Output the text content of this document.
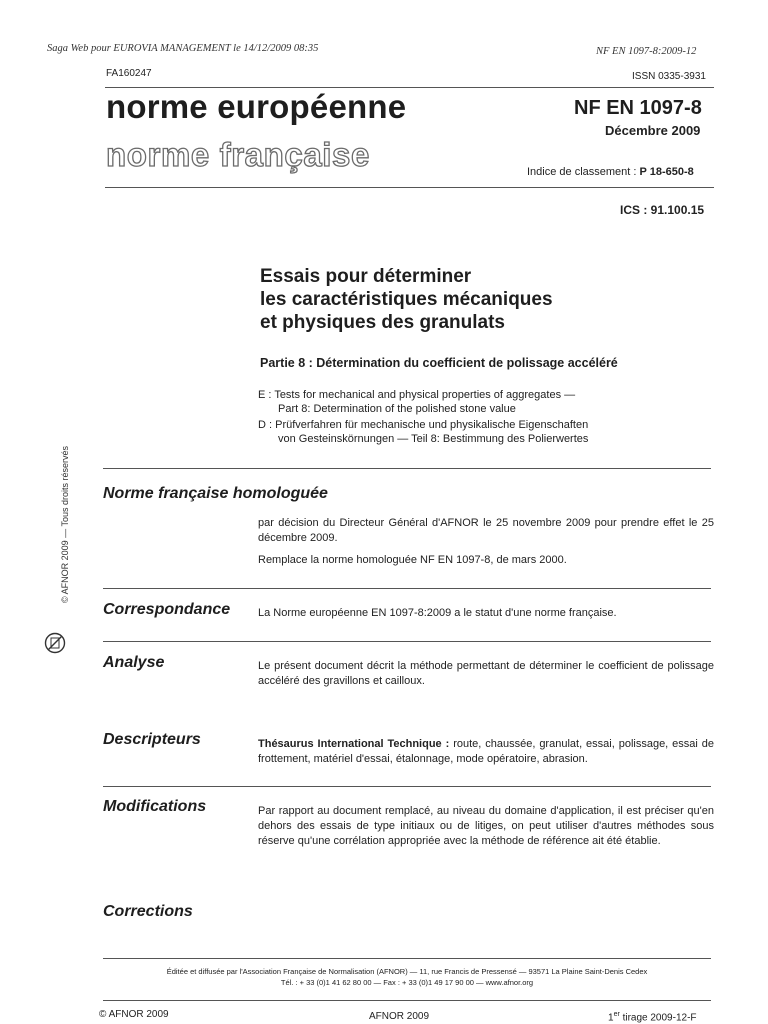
Saga Web pour EUROVIA MANAGEMENT le 14/12/2009 08:35	NF EN 1097-8:2009-12
FA160247	ISSN 0335-3931
norme européenne
norme française
NF EN 1097-8
Décembre 2009
Indice de classement : P 18-650-8
ICS : 91.100.15
Essais pour déterminer
les caractéristiques mécaniques
et physiques des granulats
Partie 8 : Détermination du coefficient de polissage accéléré
E : Tests for mechanical and physical properties of aggregates —
Part 8: Determination of the polished stone value
D : Prüfverfahren für mechanische und physikalische Eigenschaften
von Gesteinskörnungen — Teil 8: Bestimmung des Polierwertes
© AFNOR 2009 — Tous droits réservés Norme française homologuée

par décision du Directeur Général d'AFNOR le 25 novembre 2009 pour prendre effet le 25 décembre 2009.

Remplace la norme homologuée NF EN 1097-8, de mars 2000.

Correspondance	La Norme européenne EN 1097-8:2009 a le statut d'une norme française.
Analyse	Le présent document décrit la méthode permettant de déterminer le coefficient de polissage accéléré des gravillons et cailloux.
Descripteurs	Thésaurus International Technique : route, chaussée, granulat, essai, polissage, essai de frottement, matériel d'essai, étalonnage, mode opératoire, abrasion.
Modifications	Par rapport au document remplacé, au niveau du domaine d'application, il est préciser qu'en dehors des essais de type initiaux ou de litiges, on peut utiliser d'autres méthodes sous réserve qu'une corrélation appropriée avec la méthode de référence ait été établie.
Corrections
Éditée et diffusée par l'Association Française de Normalisation (AFNOR) — 11, rue Francis de Pressensé — 93571 La Plaine Saint-Denis Cedex
Tél. : + 33 (0)1 41 62 80 00 — Fax : + 33 (0)1 49 17 90 00 — www.afnor.org
© AFNOR 2009	AFNOR 2009	1er tirage 2009-12-F
